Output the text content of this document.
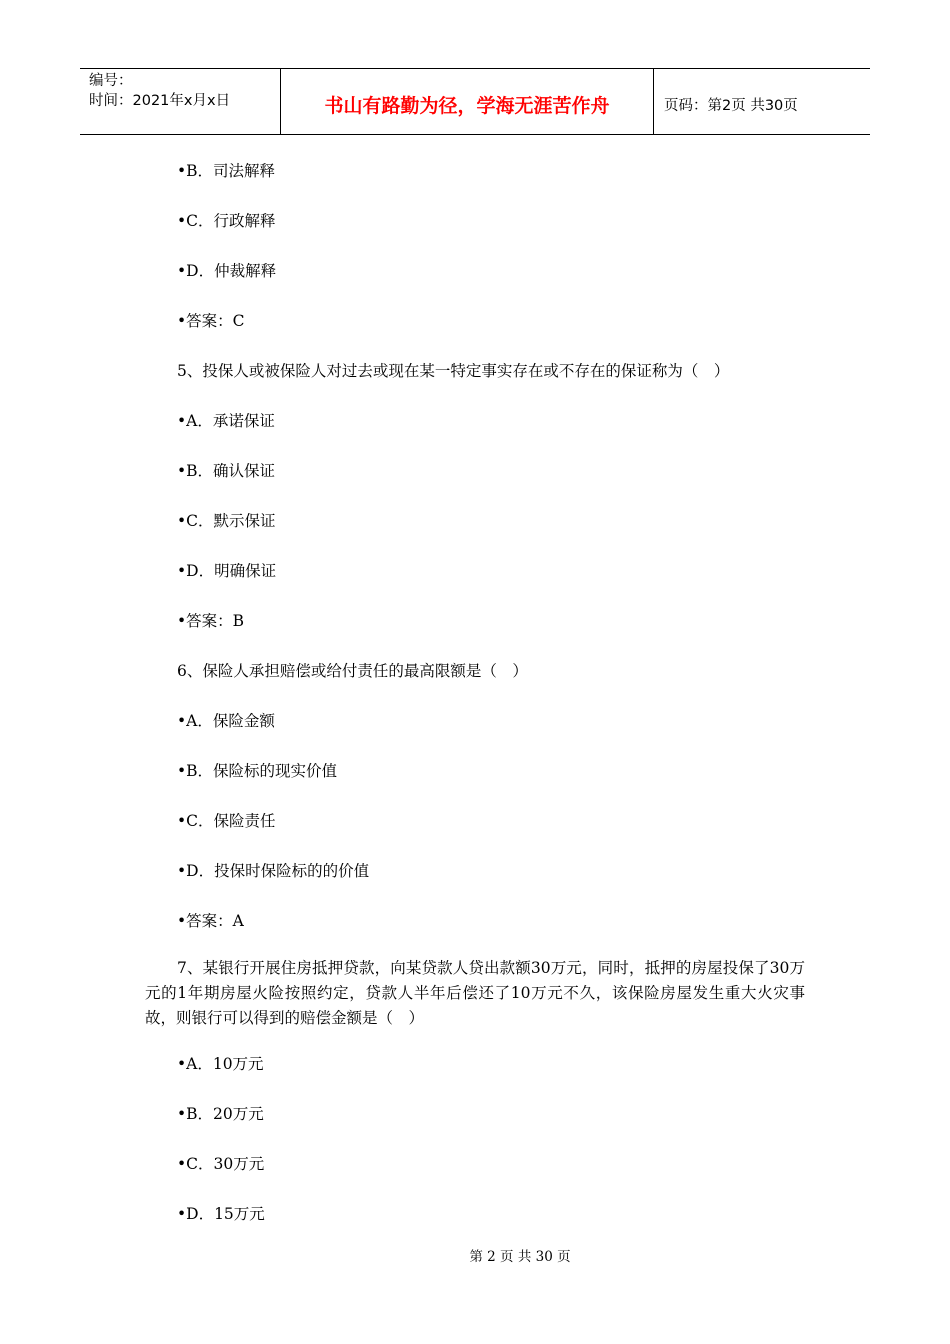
编号：
时间：2021年x月x日	书山有路勤为径，学海无涯苦作舟	页码：第2页 共30页
•B．司法解释
•C．行政解释
•D．仲裁解释
•答案：C
5、投保人或被保险人对过去或现在某一特定事实存在或不存在的保证称为（　）
•A．承诺保证
•B．确认保证
•C．默示保证
•D．明确保证
•答案：B
6、保险人承担赔偿或给付责任的最高限额是（　）
•A．保险金额
•B．保险标的现实价值
•C．保险责任
•D．投保时保险标的的价值
•答案：A
7、某银行开展住房抵押贷款，向某贷款人贷出款额30万元，同时，抵押的房屋投保了30万元的1年期房屋火险按照约定，贷款人半年后偿还了10万元不久，该保险房屋发生重大火灾事故，则银行可以得到的赔偿金额是（　）
•A．10万元
•B．20万元
•C．30万元
•D．15万元
第 2 页 共 30 页
